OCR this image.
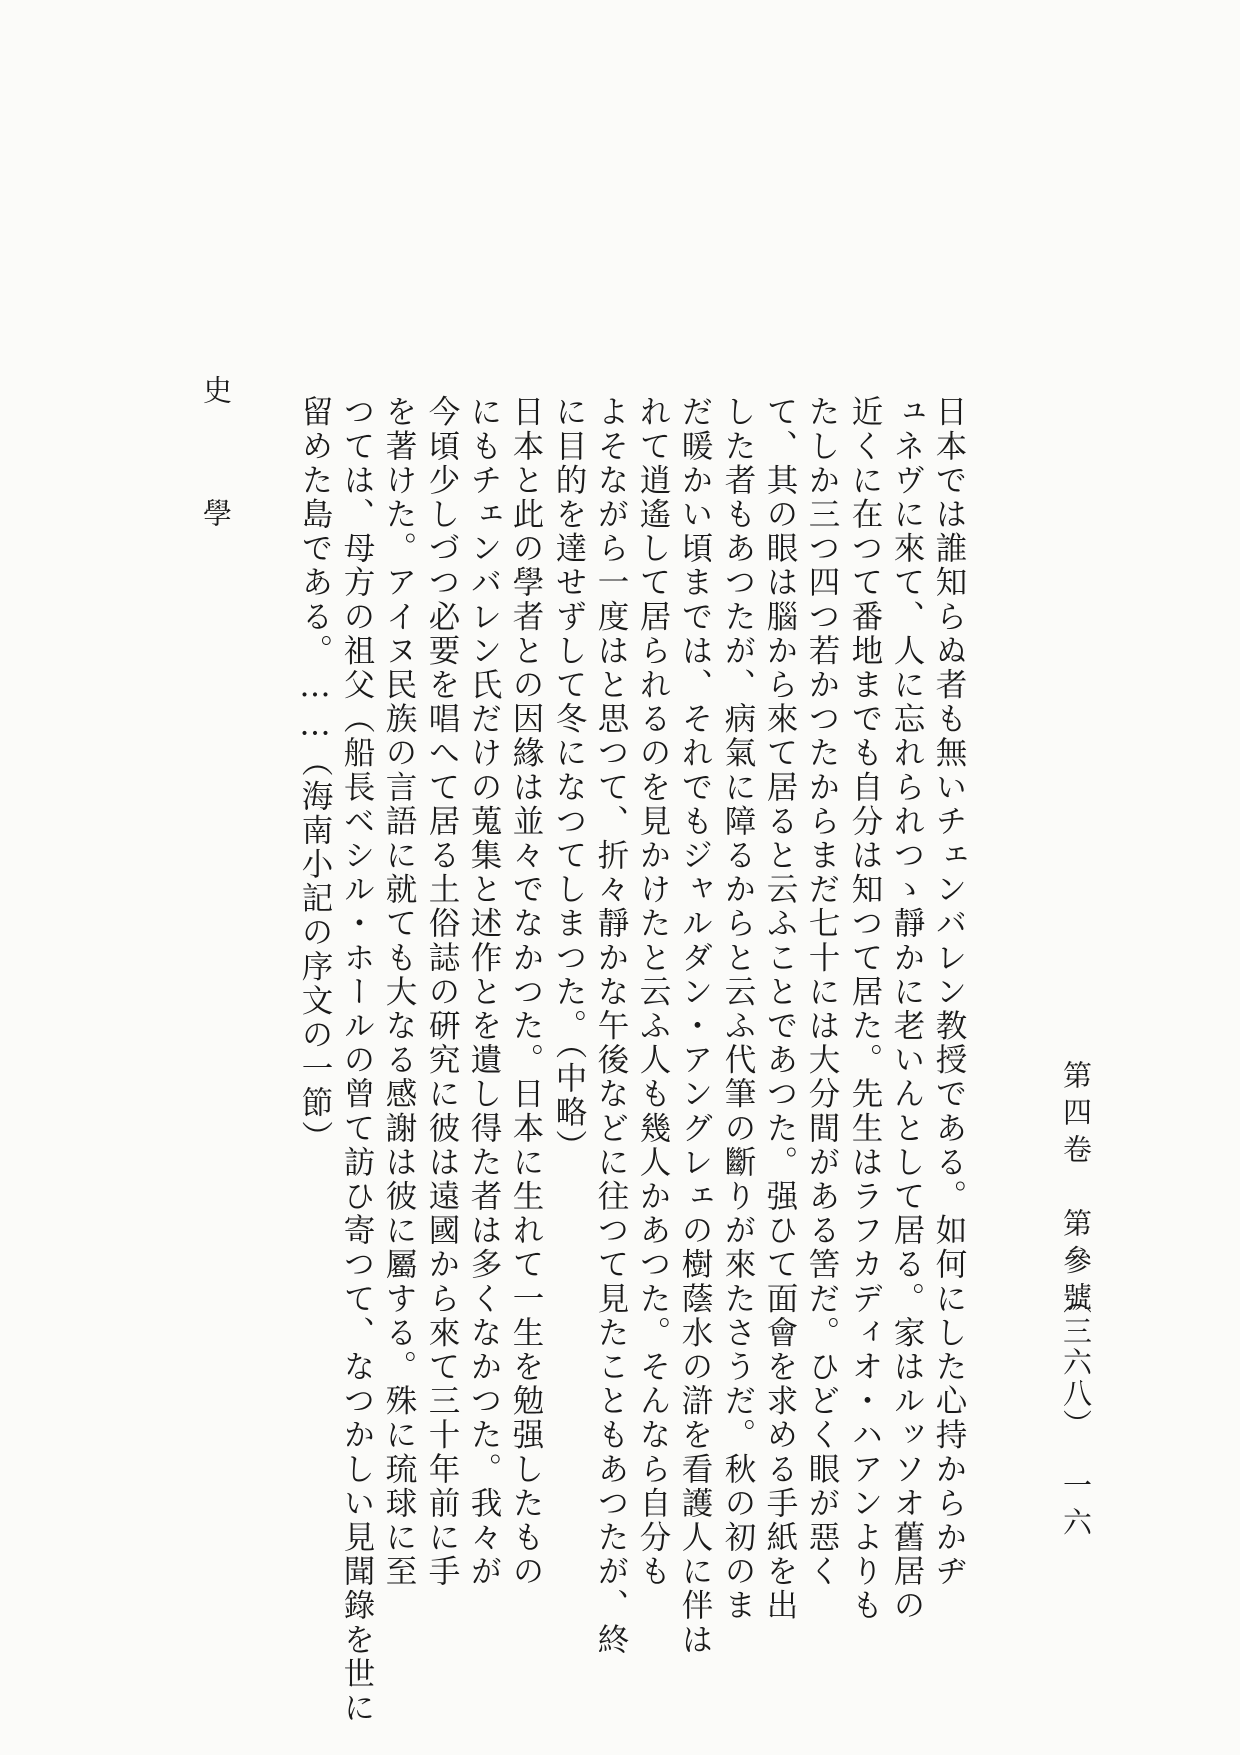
第四卷　第參號
（三六八）
一六
史　　學	日本では誰知らぬ者も無いチェンバレン教授である。如何にした心持からかヂ
ュネヴに來て、人に忘れられつゝ靜かに老いんとして居る。家はルッソオ舊居の
近くに在つて番地までも自分は知つて居た。先生はラフカディオ・ハアンよりも
たしか三つ四つ若かつたからまだ七十には大分間がある筈だ。ひどく眼が惡く
て、其の眼は腦から來て居ると云ふことであつた。强ひて面會を求める手紙を出
した者もあつたが、病氣に障るからと云ふ代筆の斷りが來たさうだ。秋の初のま
だ暖かい頃までは、それでもジャルダン・アングレェの樹蔭水の滸を看護人に伴は
れて逍遙して居られるのを見かけたと云ふ人も幾人かあつた。そんなら自分も
よそながら一度はと思つて、折々靜かな午後などに往つて見たこともあつたが、終
に目的を達せずして冬になつてしまつた。（中略）
日本と此の學者との因緣は並々でなかつた。日本に生れて一生を勉强したもの
にもチェンバレン氏だけの蒐集と述作とを遺し得た者は多くなかつた。我々が
今頃少しづつ必要を唱へて居る土俗誌の硏究に彼は遠國から來て三十年前に手
を著けた。アイヌ民族の言語に就ても大なる感謝は彼に屬する。殊に琉球に至
つては、母方の祖父（船長ベシル・ホールの曾て訪ひ寄つて、なつかしい見聞錄を世に
留めた島である。……（海南小記の序文の一節）
